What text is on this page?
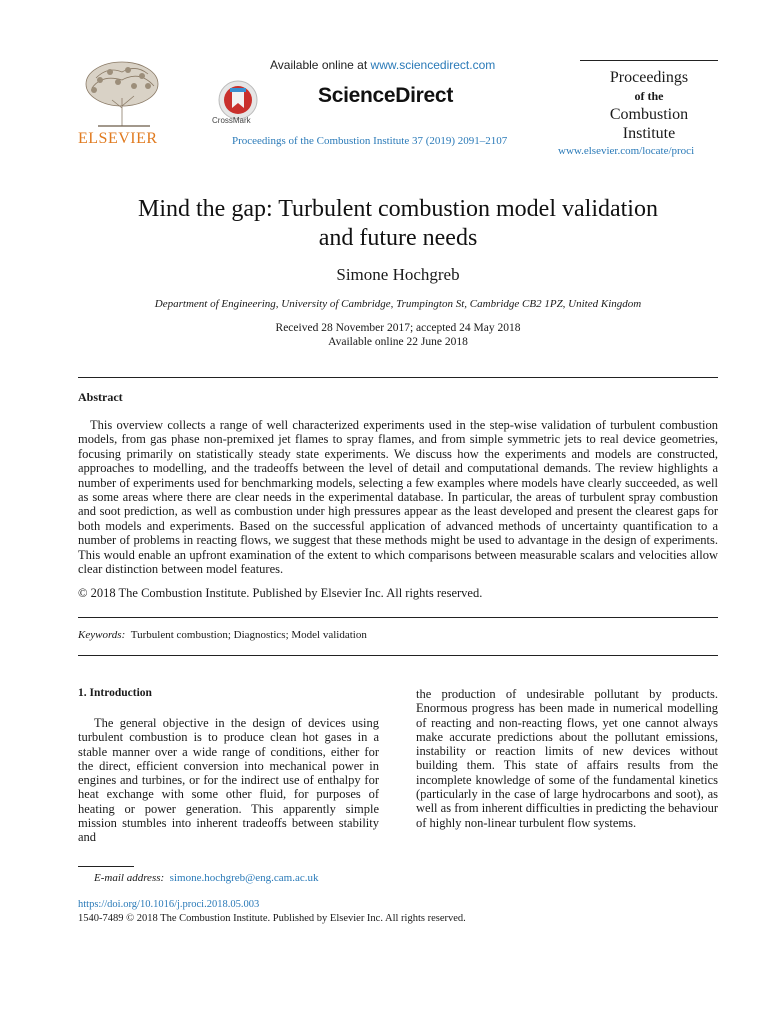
ELSEVIER
CrossMark
Available online at www.sciencedirect.com
ScienceDirect
Proceedings of the Combustion Institute 37 (2019) 2091–2107
Proceedings
of the
Combustion
Institute
www.elsevier.com/locate/proci
Mind the gap: Turbulent combustion model validation
and future needs
Simone Hochgreb
Department of Engineering, University of Cambridge, Trumpington St, Cambridge CB2 1PZ, United Kingdom
Received 28 November 2017; accepted 24 May 2018
Available online 22 June 2018
Abstract

This overview collects a range of well characterized experiments used in the step-wise validation of turbulent combustion models, from gas phase non-premixed jet flames to spray flames, and from simple symmetric jets to real device geometries, focusing primarily on statistically steady state experiments. We discuss how the experiments and models are constructed, approaches to modelling, and the tradeoffs between the level of detail and computational demands. The review highlights a number of experiments used for benchmarking models, selecting a few examples where models have clearly succeeded, as well as some areas where there are clear needs in the experimental database. In particular, the areas of turbulent spray combustion and soot prediction, as well as combustion under high pressures appear as the least developed and present the clearest gaps for both models and experiments. Based on the successful application of advanced methods of uncertainty quantification to a number of problems in reacting flows, we suggest that these methods might be used to advantage in the design of experiments. This would enable an upfront examination of the extent to which comparisons between measurable scalars and velocities allow clear distinction between model features.

© 2018 The Combustion Institute. Published by Elsevier Inc. All rights reserved.
Keywords: Turbulent combustion; Diagnostics; Model validation
1. Introduction

The general objective in the design of devices using turbulent combustion is to produce clean hot gases in a stable manner over a wide range of conditions, either for the direct, efficient conversion into mechanical power in engines and turbines, or for the indirect use of enthalpy for heat exchange with some other fluid, for purposes of heating or power generation. This apparently simple mission stumbles into inherent tradeoffs between stability and

the production of undesirable pollutant by products. Enormous progress has been made in numerical modelling of reacting and non-reacting flows, yet one cannot always make accurate predictions about the pollutant emissions, instability or reaction limits of new devices without building them. This state of affairs results from the incomplete knowledge of some of the fundamental kinetics (particularly in the case of large hydrocarbons and soot), as well as from inherent difficulties in predicting the behaviour of highly non-linear turbulent flow systems.

E-mail address: simone.hochgreb@eng.cam.ac.uk
https://doi.org/10.1016/j.proci.2018.05.003
1540-7489 © 2018 The Combustion Institute. Published by Elsevier Inc. All rights reserved.
